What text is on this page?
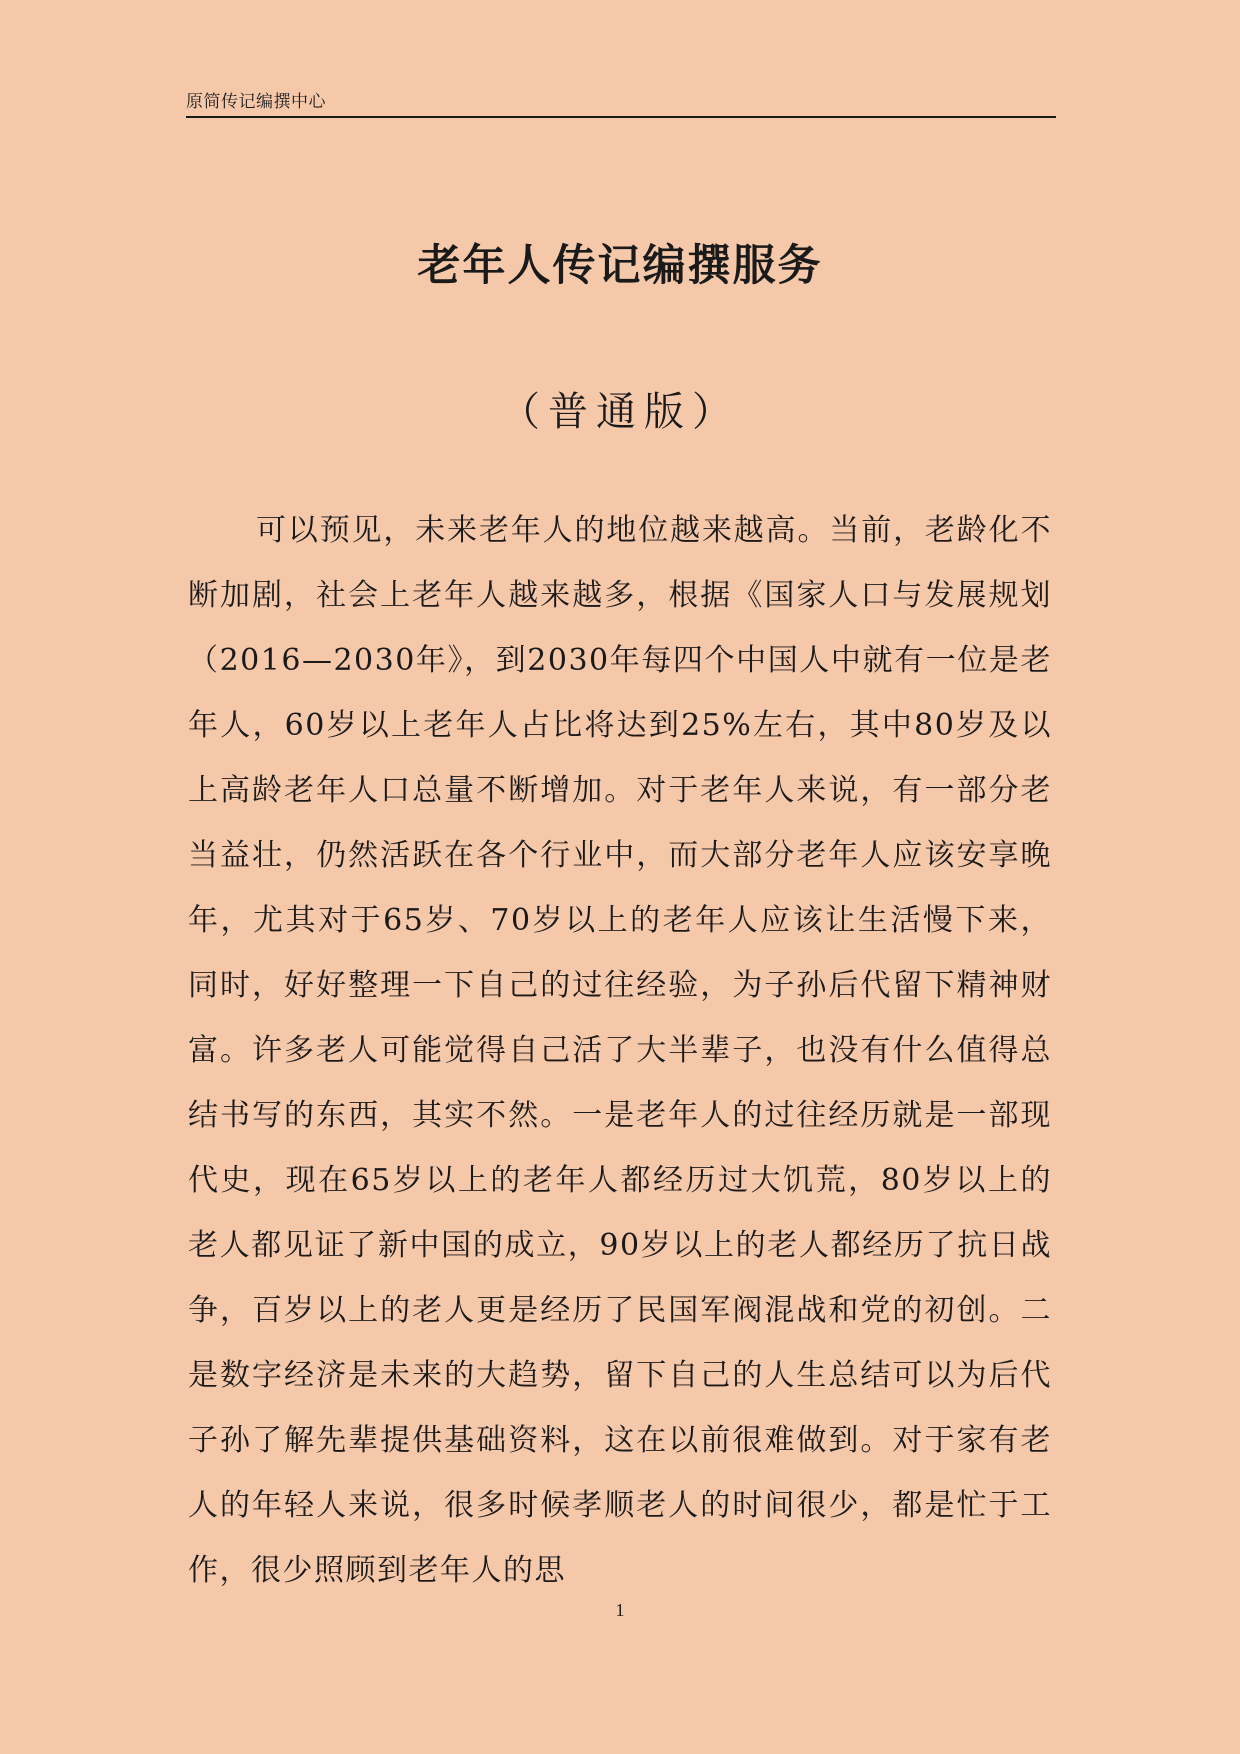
原简传记编撰中心
老年人传记编撰服务
（普通版）

可以预见，未来老年人的地位越来越高。当前，老龄化不断加剧，社会上老年人越来越多，根据《国家人口与发展规划（2016—2030年》，到2030年每四个中国人中就有一位是老年人，60岁以上老年人占比将达到25%左右，其中80岁及以上高龄老年人口总量不断增加。对于老年人来说，有一部分老当益壮，仍然活跃在各个行业中，而大部分老年人应该安享晚年，尤其对于65岁、70岁以上的老年人应该让生活慢下来，同时，好好整理一下自己的过往经验，为子孙后代留下精神财富。许多老人可能觉得自己活了大半辈子，也没有什么值得总结书写的东西，其实不然。一是老年人的过往经历就是一部现代史，现在65岁以上的老年人都经历过大饥荒，80岁以上的老人都见证了新中国的成立，90岁以上的老人都经历了抗日战争，百岁以上的老人更是经历了民国军阀混战和党的初创。二是数字经济是未来的大趋势，留下自己的人生总结可以为后代子孙了解先辈提供基础资料，这在以前很难做到。对于家有老人的年轻人来说，很多时候孝顺老人的时间很少，都是忙于工作，很少照顾到老年人的思

1
